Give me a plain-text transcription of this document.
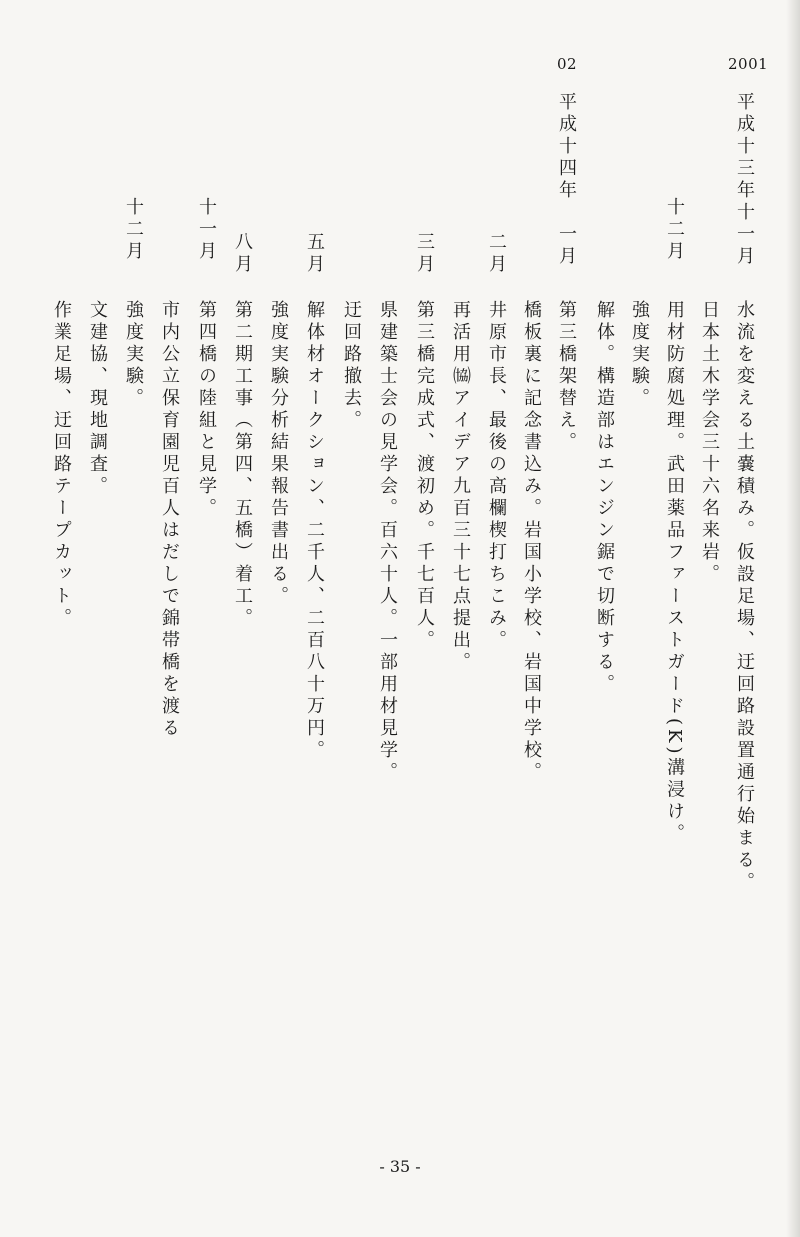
2001
02
平成十三年十一月
水流を変える土嚢積み。仮設足場、迂回路設置通行始まる。
日本土木学会三十六名来岩。
十二月
用材防腐処理。武田薬品ファーストガード(K)溝浸け。
強度実験。
解体。構造部はエンジン鋸で切断する。
平成十四年　一月
第三橋架替え。
橋板裏に記念書込み。岩国小学校、岩国中学校。
二月
井原市長、最後の高欄楔打ちこみ。
再活用㈿アイデア九百三十七点提出。
三月
第三橋完成式、渡初め。千七百人。
県建築士会の見学会。百六十人。一部用材見学。
迂回路撤去。
五月
解体材オークション、二千人、二百八十万円。
強度実験分析結果報告書出る。
八月
第二期工事（第四、五橋）着工。
十一月
第四橋の陸組と見学。
市内公立保育園児百人はだしで錦帯橋を渡る
強度実験。
十二月
文建協、現地調査。
作業足場、迂回路テープカット。
- 35 -
